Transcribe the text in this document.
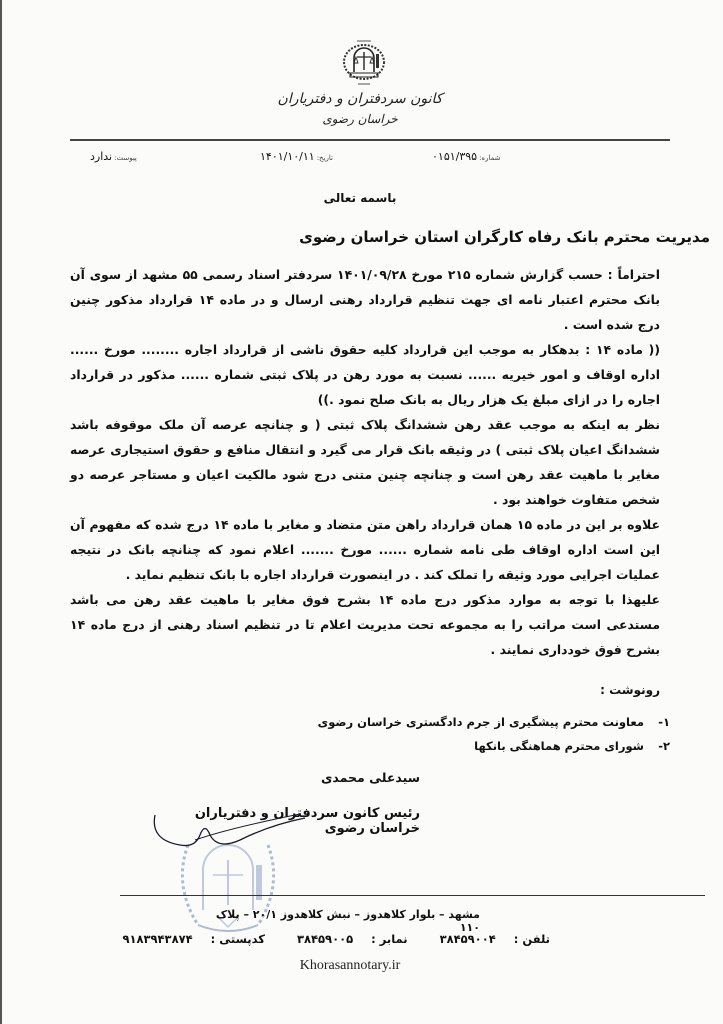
کانون سردفتران و دفتریاران
خراسان رضوی
شماره:۰۱۵۱/۳۹۵
تاریخ:۱۴۰۱/۱۰/۱۱
پیوست:ندارد
باسمه تعالی
مدیریت محترم بانک رفاه کارگران استان خراسان رضوی

احتراماً : حسب گزارش شماره ۲۱۵ مورخ ۱۴۰۱/۰۹/۲۸ سردفتر اسناد رسمی ۵۵ مشهد از سوی آن بانک محترم اعتبار نامه ای جهت تنظیم قرارداد رهنی ارسال و در ماده ۱۴ قرارداد مذکور چنین درج شده است .

(( ماده ۱۴ : بدهکار به موجب این قرارداد کلیه حقوق ناشی از قرارداد اجاره ........ مورخ ...... اداره اوقاف و امور خیریه ...... نسبت به مورد رهن در پلاک ثبتی شماره ...... مذکور در قرارداد اجاره را در ازای مبلغ یک هزار ریال به بانک صلح نمود .))

نظر به اینکه به موجب عقد رهن ششدانگ پلاک ثبتی ( و چنانچه عرصه آن ملک موقوفه باشد ششدانگ اعیان پلاک ثبتی ) در وثیقه بانک قرار می گیرد و انتقال منافع و حقوق استیجاری عرصه مغایر با ماهیت عقد رهن است و چنانچه چنین متنی درج شود مالکیت اعیان و مستاجر عرصه دو شخص متفاوت خواهند بود .

علاوه بر این در ماده ۱۵ همان قرارداد راهن متن متضاد و مغایر با ماده ۱۴ درج شده که مفهوم آن این است اداره اوقاف طی نامه شماره ...... مورخ ....... اعلام نمود که چنانچه بانک در نتیجه عملیات اجرایی مورد وثیقه را تملک کند . در اینصورت قرارداد اجاره با بانک تنظیم نماید .

علیهذا با توجه به موارد مذکور درج ماده ۱۴ بشرح فوق مغایر با ماهیت عقد رهن می باشد مستدعی است مراتب را به مجموعه تحت مدیریت اعلام تا در تنظیم اسناد رهنی از درج ماده ۱۴ بشرح فوق خودداری نمایند .

رونوشت :
۱-
معاونت محترم پیشگیری از جرم دادگستری خراسان رضوی
۲-
شورای محترم هماهنگی بانکها
سیدعلی محمدی
رئیس کانون سردفتران و دفتریاران خراسان رضوی
مشهد – بلوار کلاهدوز – نبش کلاهدوز ۲۰/۱ – پلاک ۱۱۰
تلفن : ۳۸۴۵۹۰۰۴ نمابر : ۳۸۴۵۹۰۰۵ کدپستی : ۹۱۸۳۹۴۳۸۷۴
Khorasannotary.ir
